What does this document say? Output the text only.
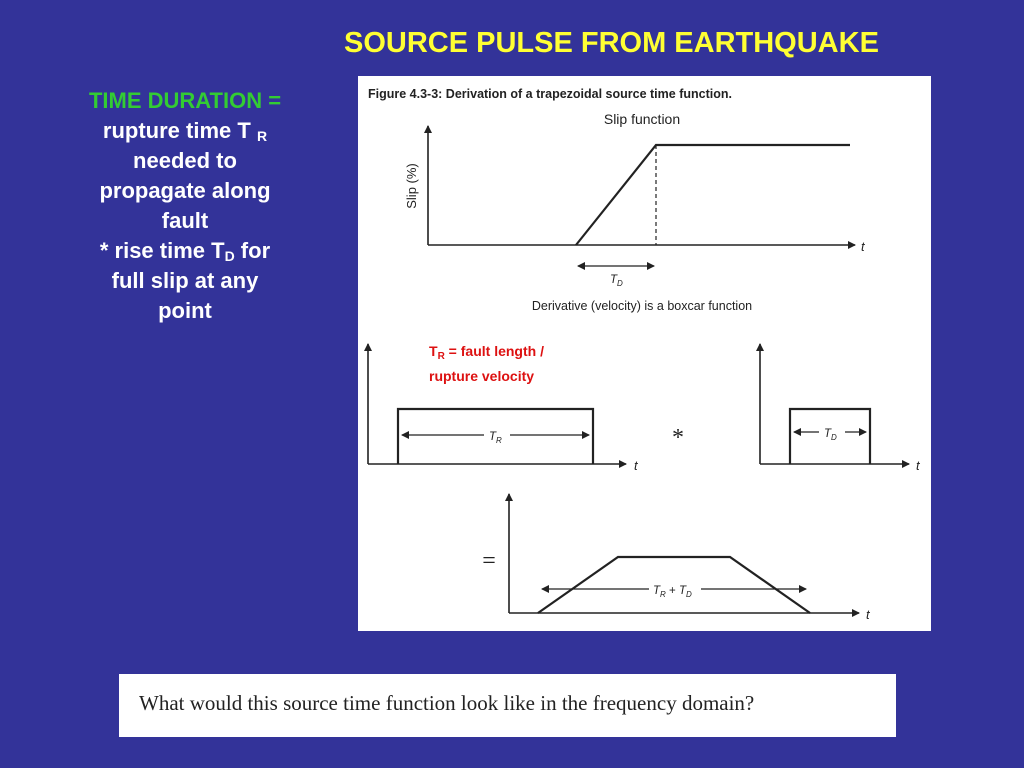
SOURCE PULSE FROM EARTHQUAKE
TIME DURATION =
rupture time T $_R$
needed to
propagate along
fault
* rise time $T_D$ for
full slip at any
point
Figure 4.3-3: Derivation of a trapezoidal source time function.
Slip function
Slip (%)
t
$T_D$
Derivative (velocity) is a boxcar function
$T_R$ = fault length /
rupture velocity
$T_R$
t
*	$T_D$
t
=
$T_R + T_D$
t
What would this source time function look like in the frequency domain?
